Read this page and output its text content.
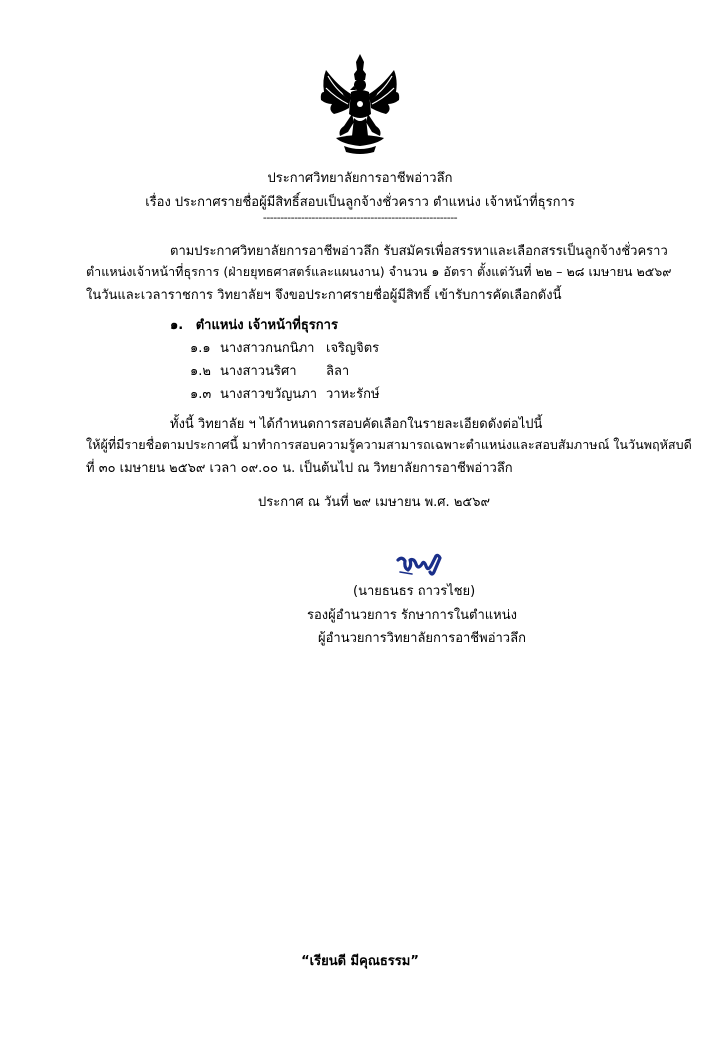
ประกาศวิทยาลัยการอาชีพอ่าวลึก
เรื่อง ประกาศรายชื่อผู้มีสิทธิ์สอบเป็นลูกจ้างชั่วคราว ตำแหน่ง เจ้าหน้าที่ธุรการ
--------------------------------------------------------
ตามประกาศวิทยาลัยการอาชีพอ่าวลึก รับสมัครเพื่อสรรหาและเลือกสรรเป็นลูกจ้างชั่วคราว
ตำแหน่งเจ้าหน้าที่ธุรการ (ฝ่ายยุทธศาสตร์และแผนงาน) จำนวน ๑ อัตรา ตั้งแต่วันที่ ๒๒ – ๒๘ เมษายน ๒๕๖๙
ในวันและเวลาราชการ วิทยาลัยฯ จึงขอประกาศรายชื่อผู้มีสิทธิ์ เข้ารับการคัดเลือกดังนี้
๑. ตำแหน่ง เจ้าหน้าที่ธุรการ
๑.๑ นางสาวกนกนิภา เจริญจิตร
๑.๒ นางสาวนริศา ลิลา
๑.๓ นางสาวขวัญนภา วาหะรักษ์
ทั้งนี้ วิทยาลัย ฯ ได้กำหนดการสอบคัดเลือกในรายละเอียดดังต่อไปนี้
ให้ผู้ที่มีรายชื่อตามประกาศนี้ มาทำการสอบความรู้ความสามารถเฉพาะตำแหน่งและสอบสัมภาษณ์ ในวันพฤหัสบดี
ที่ ๓๐ เมษายน ๒๕๖๙ เวลา ๐๙.๐๐ น. เป็นต้นไป ณ วิทยาลัยการอาชีพอ่าวลึก
ประกาศ ณ วันที่ ๒๙ เมษายน พ.ศ. ๒๕๖๙
(นายธนธร ถาวรไชย)
รองผู้อำนวยการ รักษาการในตำแหน่ง
ผู้อำนวยการวิทยาลัยการอาชีพอ่าวลึก
“เรียนดี มีคุณธรรม”
